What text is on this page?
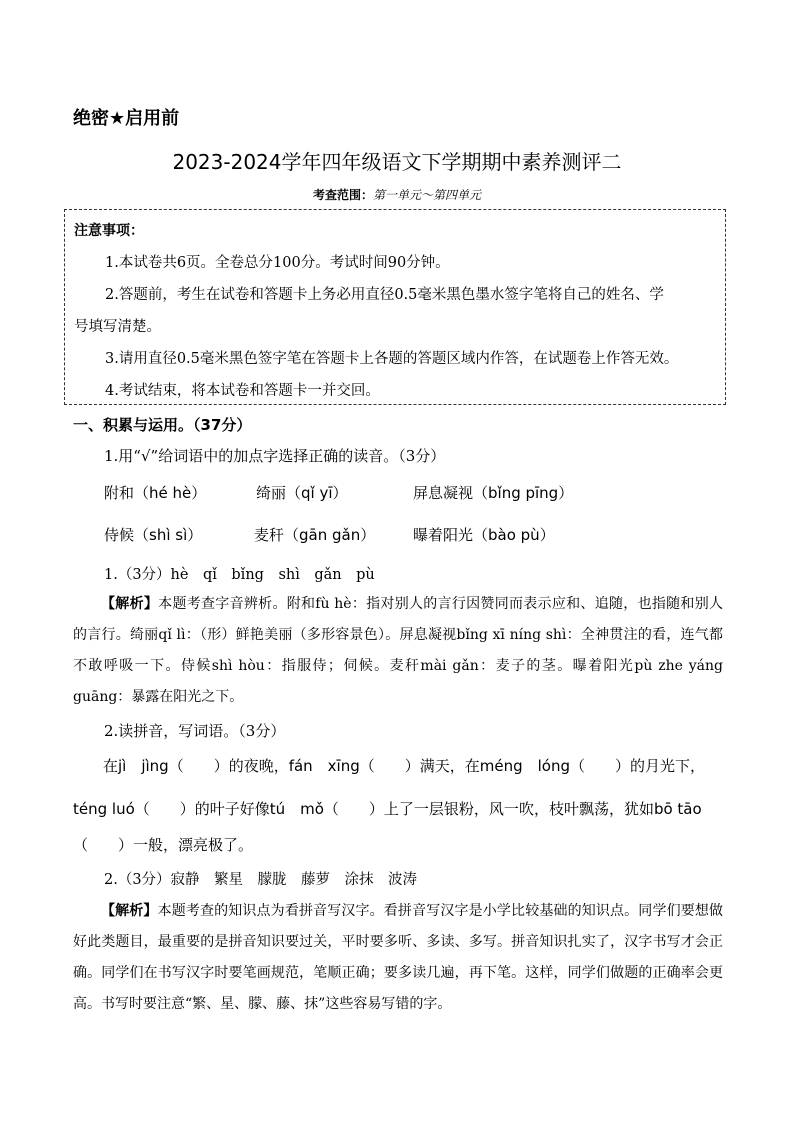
绝密★启用前
2023-2024学年四年级语文下学期期中素养测评二
考查范围：第一单元～第四单元
注意事项：
1.本试卷共6页。全卷总分100分。考试时间90分钟。
2.答题前，考生在试卷和答题卡上务必用直径0.5毫米黑色墨水签字笔将自己的姓名、学
号填写清楚。
3.请用直径0.5毫米黑色签字笔在答题卡上各题的答题区域内作答，在试题卷上作答无效。
4.考试结束，将本试卷和答题卡一并交回。
一、积累与运用。（37分）
1.用“√”给词语中的加点字选择正确的读音。（3分）
附和（hé hè）	绮丽（qǐ yī）	屏息凝视（bǐng pīng）
侍候（shì sì）	麦秆（gān gǎn）	曝着阳光（bào pù）
1.（3分）hè　qǐ　bǐng　shì　gǎn　pù
【解析】本题考查字音辨析。附和fù hè：指对别人的言行因赞同而表示应和、追随，也指随和别人的言行。绮丽qǐ lì：（形）鲜艳美丽（多形容景色）。屏息凝视bǐng xī níng shì：全神贯注的看，连气都不敢呼吸一下。侍候shì hòu：指服侍；伺候。麦秆mài gǎn：麦子的茎。曝着阳光pù zhe yáng guāng：暴露在阳光之下。
2.读拼音，写词语。（3分）
在jì　jìng（　　）的夜晚，fán　xīng（　　）满天，在méng　lóng（　　）的月光下，
téng luó（　　）的叶子好像tú　mǒ（　　）上了一层银粉，风一吹，枝叶飘荡，犹如bō tāo
（　　）一般，漂亮极了。
2.（3分）寂静　繁星　朦胧　藤萝　涂抹　波涛
【解析】本题考查的知识点为看拼音写汉字。看拼音写汉字是小学比较基础的知识点。同学们要想做好此类题目，最重要的是拼音知识要过关，平时要多听、多读、多写。拼音知识扎实了，汉字书写才会正确。同学们在书写汉字时要笔画规范，笔顺正确；要多读几遍，再下笔。这样，同学们做题的正确率会更高。书写时要注意“繁、星、朦、藤、抹”这些容易写错的字。
